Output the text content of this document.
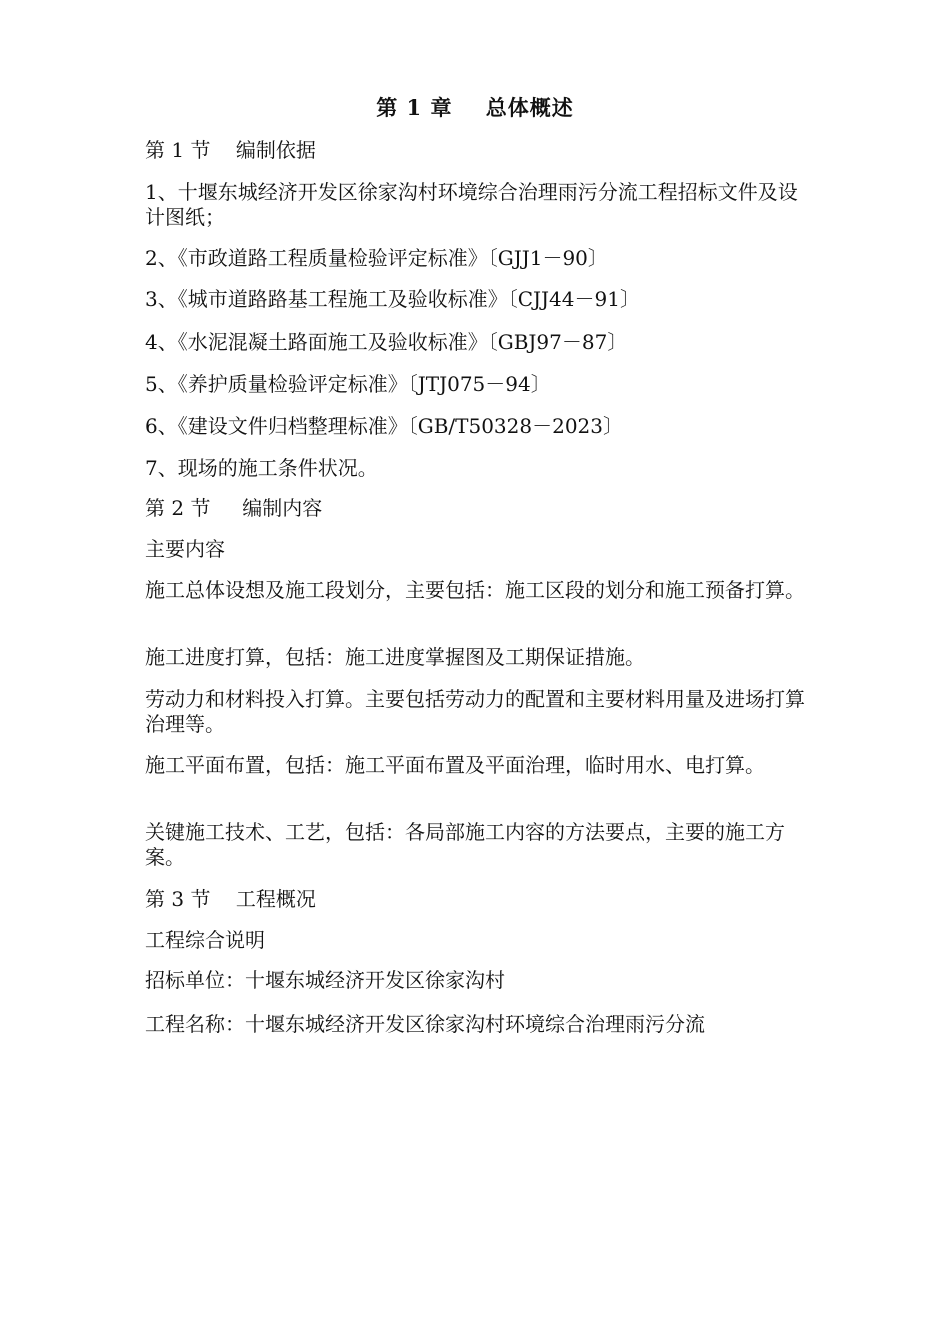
第 1 章    总体概述
第 1 节    编制依据
1、十堰东城经济开发区徐家沟村环境综合治理雨污分流工程招标文件及设计图纸；
2、《市政道路工程质量检验评定标准》〔GJJ1－90〕
3、《城市道路路基工程施工及验收标准》〔CJJ44－91〕
4、《水泥混凝土路面施工及验收标准》〔GBJ97－87〕
5、《养护质量检验评定标准》〔JTJ075－94〕
6、《建设文件归档整理标准》〔GB/T50328－2023〕
7、现场的施工条件状况。
第 2 节     编制内容
主要内容
施工总体设想及施工段划分，主要包括：施工区段的划分和施工预备打算。
施工进度打算，包括：施工进度掌握图及工期保证措施。
劳动力和材料投入打算。主要包括劳动力的配置和主要材料用量及进场打算治理等。
施工平面布置，包括：施工平面布置及平面治理，临时用水、电打算。
关键施工技术、工艺，包括：各局部施工内容的方法要点，主要的施工方案。
第 3 节    工程概况
工程综合说明
招标单位：十堰东城经济开发区徐家沟村
工程名称：十堰东城经济开发区徐家沟村环境综合治理雨污分流
